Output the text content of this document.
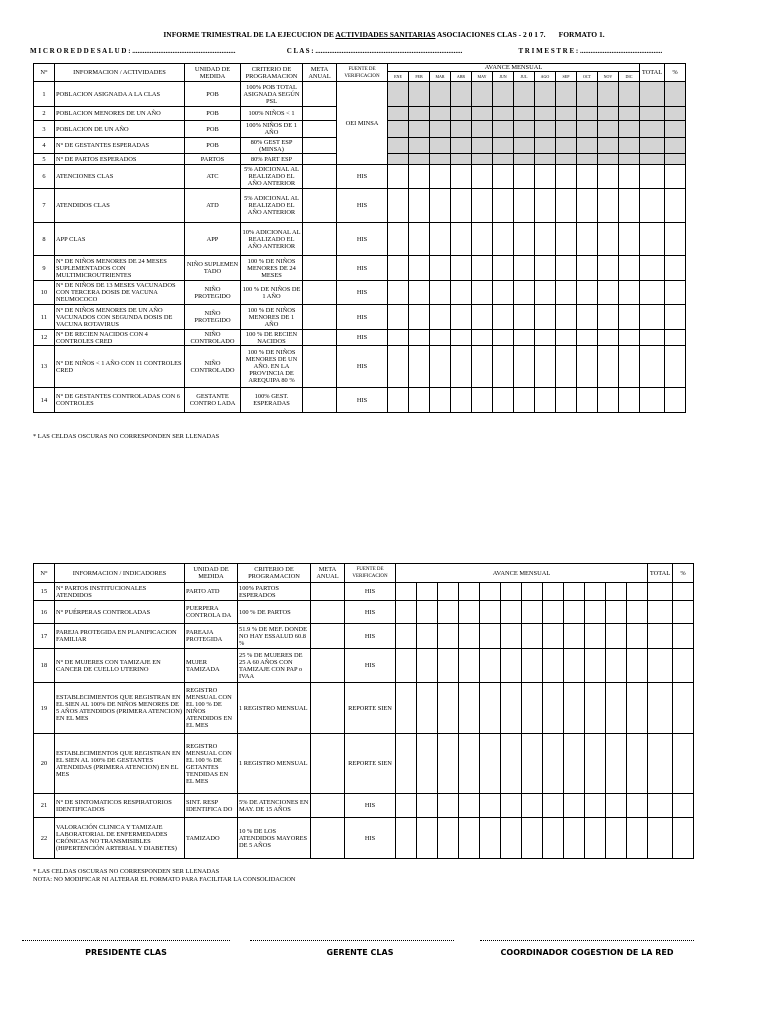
INFORME TRIMESTRAL DE LA EJECUCION DE ACTIVIDADES SANITARIAS ASOCIACIONES CLAS - 2 0 1 7. FORMATO 1.
M I C R O R E D D E S A L U D : ...........................................................	C L A S : ....................................................................................	T R I M E S T R E : ...............................................
N°	INFORMACION / ACTIVIDADES	UNIDAD DE MEDIDA	CRITERIO DE PROGRAMACION	META ANUAL	FUENTE DE VERIFICACION	AVANCE MENSUAL												TOTAL	%
						ENE	FEB	MAR	ABR	MAY	JUN	JUL	AGO	SEP	OCT	NOV	DIC		
1	POBLACION ASIGNADA A LA CLAS	POB	100% POB TOTAL ASIGNADA SEGÚN PSL		OEI MINSA														
2	POBLACION MENORES DE UN AÑO	POB	100% NIÑOS < 1																
3	POBLACION DE UN AÑO	POB	100% NIÑOS DE 1 AÑO																
4	N° DE GESTANTES ESPERADAS	POB	80% GEST ESP (MINSA)																
5	N° DE PARTOS ESPERADOS	PARTOS	80% PART ESP																
6	ATENCIONES CLAS	ATC	5% ADICIONAL AL REALIZADO EL AÑO ANTERIOR		HIS														
7	ATENDIDOS CLAS	ATD	5% ADICIONAL AL REALIZADO EL AÑO ANTERIOR		HIS														
8	APP CLAS	APP	10% ADICIONAL AL REALIZADO EL AÑO ANTERIOR		HIS														
9	N° DE NIÑOS MENORES DE 24 MESES SUPLEMENTADOS CON MULTIMICROUTRIENTES	NIÑO SUPLEMEN TADO	100 % DE NIÑOS MENORES DE 24 MESES		HIS														
10	N° DE NIÑOS DE 13 MESES VACUNADOS CON TERCERA DOSIS DE VACUNA NEUMOCOCO	NIÑO PROTEGIDO	100 % DE NIÑOS DE 1 AÑO		HIS														
11	N° DE NIÑOS MENORES DE UN AÑO VACUNADOS CON SEGUNDA DOSIS DE VACUNA ROTAVIRUS	NIÑO PROTEGIDO	100 % DE NIÑOS MENORES DE 1 AÑO		HIS														
12	N° DE RECIEN NACIDOS CON 4 CONTROLES CRED	NIÑO CONTROLADO	100 % DE RECIEN NACIDOS		HIS														
13	N° DE NIÑOS < 1 AÑO CON 11 CONTROLES CRED	NIÑO CONTROLADO	100 % DE NIÑOS MENORES DE UN AÑO. EN LA PROVINCIA DE AREQUIPA 80 %		HIS														
14	N° DE GESTANTES CONTROLADAS CON 6 CONTROLES	GESTANTE CONTRO LADA	100% GEST. ESPERADAS		HIS														
* LAS CELDAS OSCURAS NO CORRESPONDEN SER LLENADAS
N°	INFORMACION / INDICADORES	UNIDAD DE MEDIDA	CRITERIO DE PROGRAMACION	META ANUAL	FUENTE DE VERIFICACION	AVANCE MENSUAL												TOTAL	%
15	N° PARTOS INSTITUCIONALES ATENDIDOS	PARTO ATD	100% PARTOS ESPERADOS		HIS														
16	N° PUÉRPERAS CONTROLADAS	PUERPERA CONTROLA DA	100 % DE PARTOS		HIS														
17	PAREJA PROTEGIDA EN PLANIFICACION FAMILIAR	PAREAJA PROTEGIDA	51.9 % DE MEF. DONDE NO HAY ESSALUD 60.8 %		HIS														
18	N° DE MUJERES CON TAMIZAJE EN CANCER DE CUELLO UTERINO	MUJER TAMIZADA	25 % DE MUJERES DE 25 A 60 AÑOS CON TAMIZAJE CON PAP o IVAA		HIS														
19	ESTABLECIMIENTOS QUE REGISTRAN EN EL SIEN AL 100% DE NIÑOS MENORES DE 5 AÑOS ATENDIDOS (PRIMERA ATENCION) EN EL MES	REGISTRO MENSUAL CON EL 100 % DE NIÑOS ATENDIDOS EN EL MES	1 REGISTRO MENSUAL		REPORTE SIEN														
20	ESTABLECIMIENTOS QUE REGISTRAN EN EL SIEN AL 100% DE GESTANTES ATENDIDAS (PRIMERA ATENCION) EN EL MES	REGISTRO MENSUAL CON EL 100 % DE GETANTES TENDIDAS EN EL MES	1 REGISTRO MENSUAL		REPORTE SIEN														
21	N° DE SINTOMATICOS RESPIRATORIOS IDENTIFICADOS	SINT. RESP IDENTIFICA DO	5% DE ATENCIONES EN MAY. DE 15 AÑOS		HIS														
22	VALORACIÓN CLINICA Y TAMIZAJE LABORATORIAL DE ENFERMEDADES CRÓNICAS NO TRANSMISIBLES (HIPERTENCIÓN ARTERIAL Y DIABETES)	TAMIZADO	10 % DE LOS ATENDIDOS MAYORES DE 5 AÑOS		HIS														
* LAS CELDAS OSCURAS NO CORRESPONDEN SER LLENADAS
NOTA: NO MODIFICAR NI ALTERAR EL FORMATO PARA FACILITAR LA CONSOLIDACION
PRESIDENTE CLAS	GERENTE CLAS	COORDINADOR COGESTION DE LA RED
